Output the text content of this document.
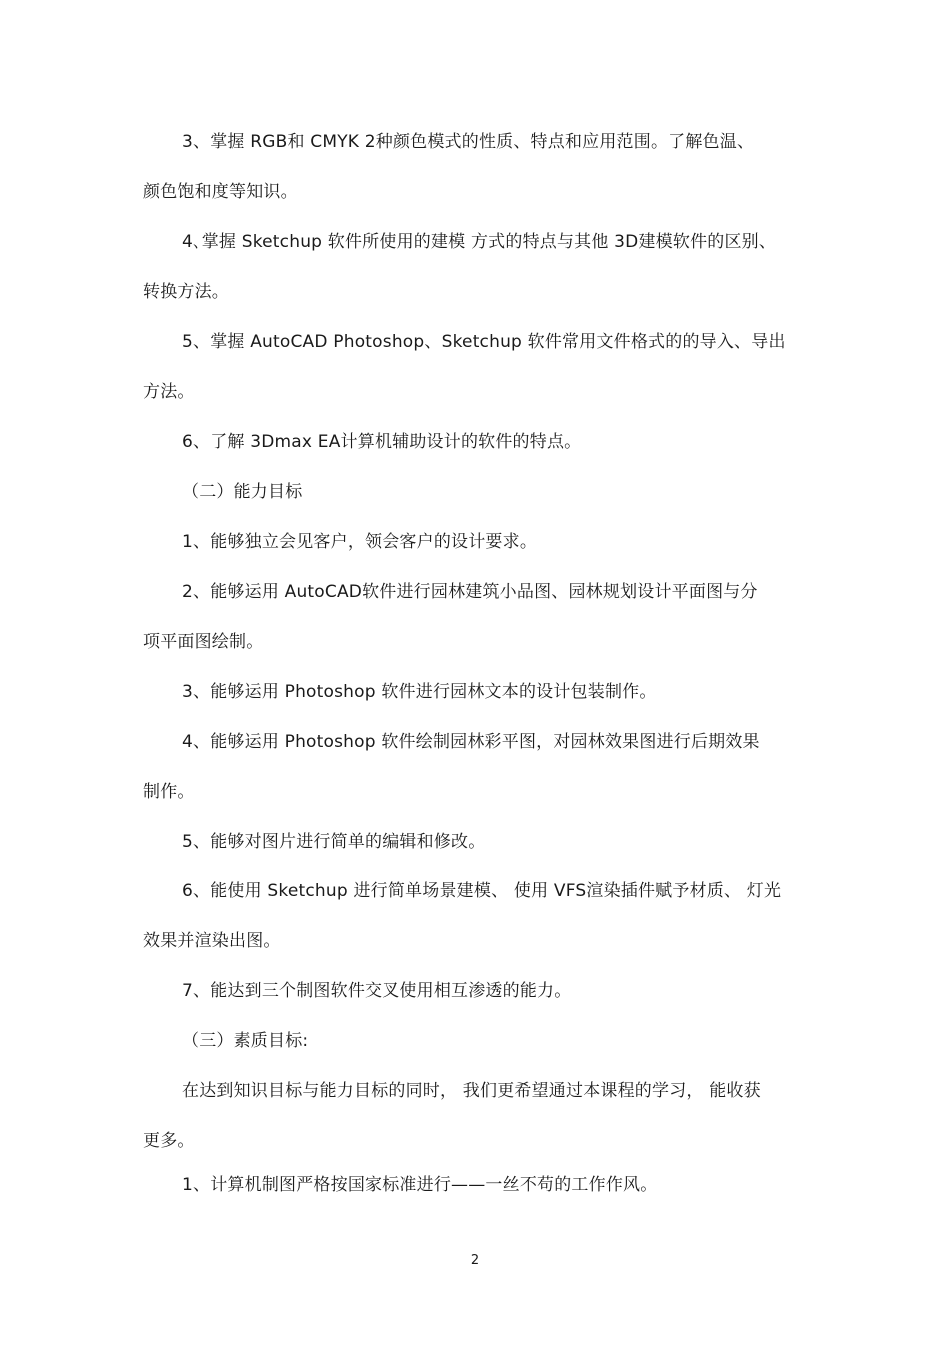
3、掌握 RGB和 CMYK 2种颜色模式的性质、特点和应用范围。了解色温、
颜色饱和度等知识。
4､掌握 Sketchup 软件所使用的建模 方式的特点与其他 3D建模软件的区别、
转换方法。
5、掌握 AutoCAD Photoshop、Sketchup 软件常用文件格式的的导入、导出
方法。
6、了解 3Dmax EA计算机辅助设计的软件的特点。
（二）能力目标
1、能够独立会见客户，领会客户的设计要求。
2、能够运用 AutoCAD软件进行园林建筑小品图、园林规划设计平面图与分
项平面图绘制。
3、能够运用 Photoshop 软件进行园林文本的设计包装制作。
4、能够运用 Photoshop 软件绘制园林彩平图，对园林效果图进行后期效果
制作。
5、能够对图片进行简单的编辑和修改。
6、能使用 Sketchup 进行简单场景建模、 使用 VFS渲染插件赋予材质、 灯光
效果并渲染出图。
7、能达到三个制图软件交叉使用相互渗透的能力。
（三）素质目标:
在达到知识目标与能力目标的同时， 我们更希望通过本课程的学习， 能收获
更多。
1、计算机制图严格按国家标准进行——一丝不苟的工作作风。
2
